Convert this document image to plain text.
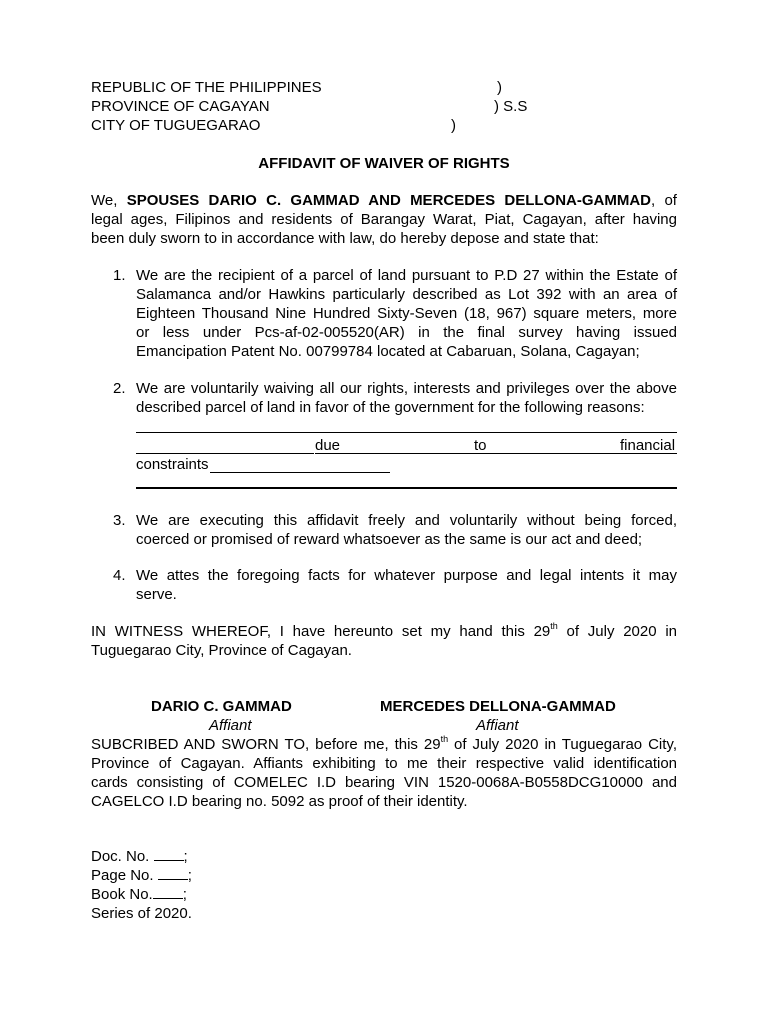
REPUBLIC OF THE PHILIPPINES	)
PROVINCE OF CAGAYAN	) S.S
CITY OF TUGUEGARAO	)
AFFIDAVIT OF WAIVER OF RIGHTS
We, SPOUSES DARIO C. GAMMAD AND MERCEDES DELLONA-GAMMAD, of
legal ages, Filipinos and residents of Barangay Warat, Piat, Cagayan, after having
been duly sworn to in accordance with law, do hereby depose and state that:
1. We are the recipient of a parcel of land pursuant to P.D 27 within the Estate of
Salamanca and/or Hawkins particularly described as Lot 392 with an area of
Eighteen Thousand Nine Hundred Sixty-Seven (18, 967) square meters, more
or less under Pcs-af-02-005520(AR) in the final survey having issued
Emancipation Patent No. 00799784 located at Cabaruan, Solana, Cagayan;
2. We are voluntarily waiving all our rights, interests and privileges over the above
described parcel of land in favor of the government for the following reasons:
due	to	financial
constraints
3. We are executing this affidavit freely and voluntarily without being forced,
coerced or promised of reward whatsoever as the same is our act and deed;
4. We attes the foregoing facts for whatever purpose and legal intents it may
serve.
IN WITNESS WHEREOF, I have hereunto set my hand this 29th of July 2020 in
Tuguegarao City, Province of Cagayan.
DARIO C. GAMMAD
Affiant
MERCEDES DELLONA-GAMMAD
Affiant
SUBCRIBED AND SWORN TO, before me, this 29th of July 2020 in Tuguegarao City,
Province of Cagayan. Affiants exhibiting to me their respective valid identification
cards consisting of COMELEC I.D bearing VIN 1520-0068A-B0558DCG10000 and
CAGELCO I.D bearing no. 5092 as proof of their identity.
Doc. No. ;
Page No. ;
Book No. ;
Series of 2020.
